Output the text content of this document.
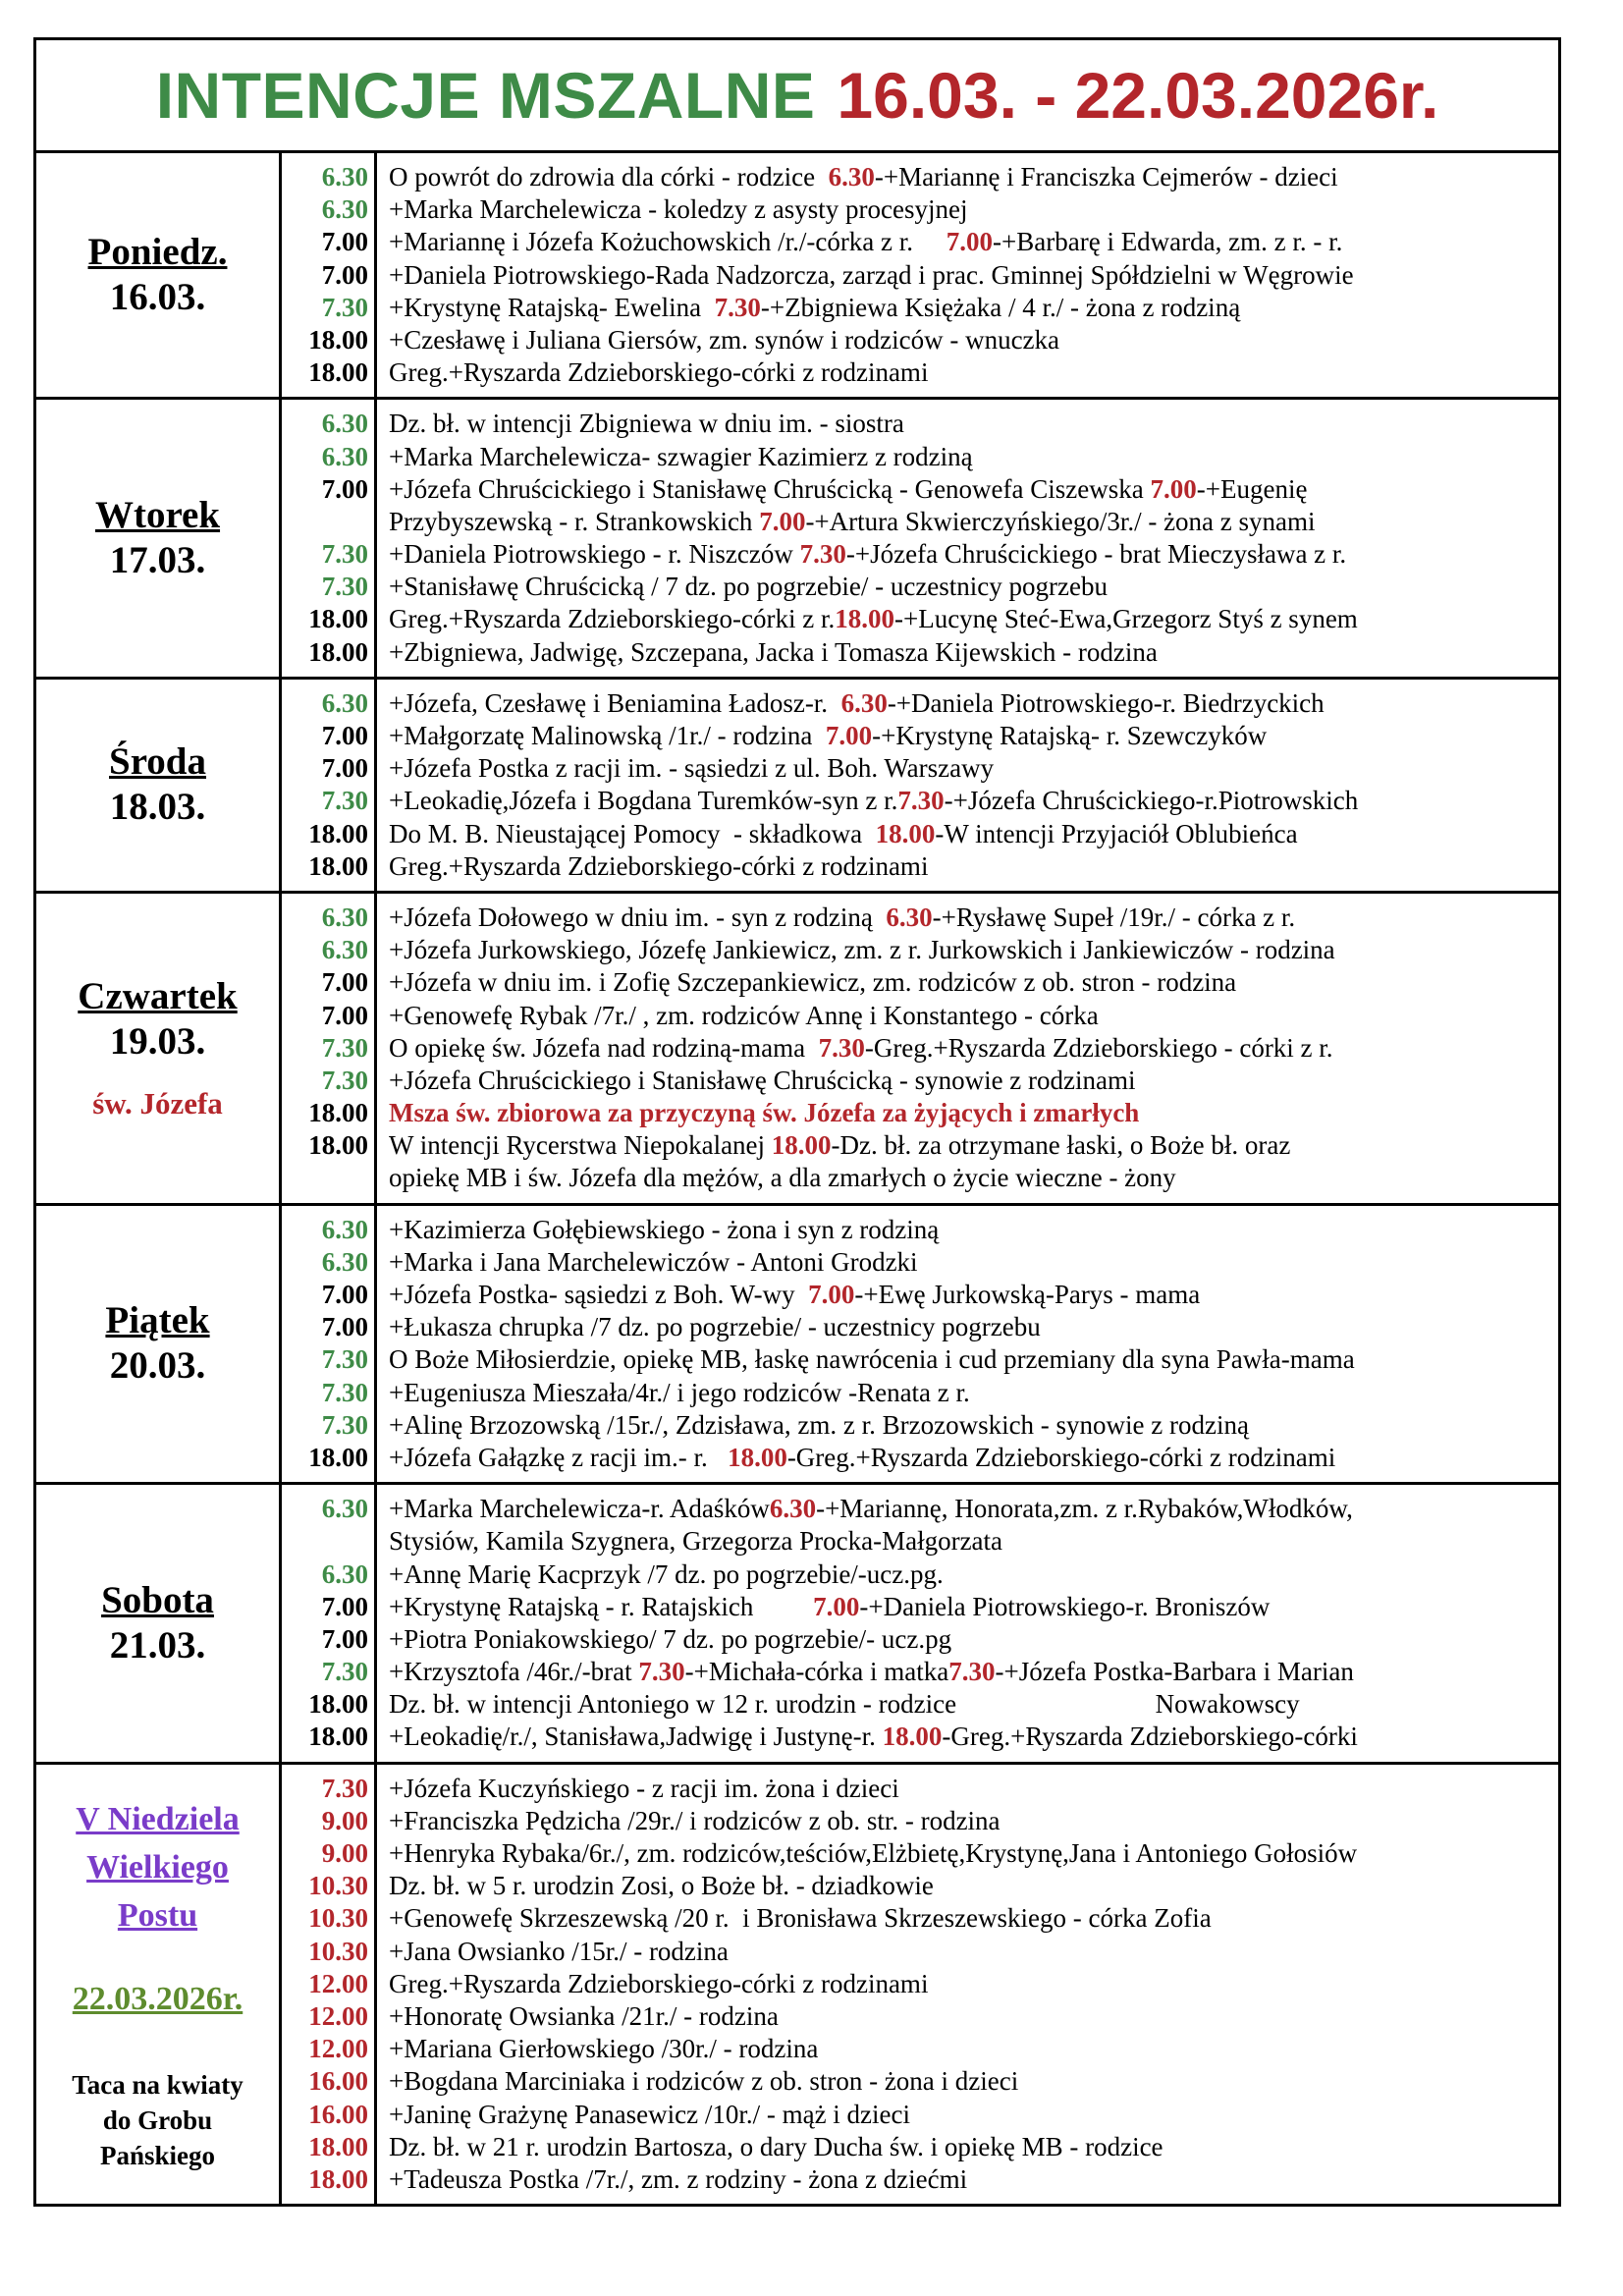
INTENCJE MSZALNE 16.03. - 22.03.2026r.
Poniedz.
16.03.
6.30
6.30
7.00
7.00
7.30
18.00
18.00
O powrót do zdrowia dla córki - rodzice  6.30-+Mariannę i Franciszka Cejmerów - dzieci
+Marka Marchelewicza - koledzy z asysty procesyjnej
+Mariannę i Józefa Kożuchowskich /r./-córka z r.     7.00-+Barbarę i Edwarda, zm. z r. - r.
+Daniela Piotrowskiego-Rada Nadzorcza, zarząd i prac. Gminnej Spółdzielni w Węgrowie
+Krystynę Ratajską- Ewelina  7.30-+Zbigniewa Księżaka / 4 r./ - żona z rodziną
+Czesławę i Juliana Giersów, zm. synów i rodziców - wnuczka
Greg.+Ryszarda Zdzieborskiego-córki z rodzinami
Wtorek
17.03.
6.30
6.30
7.00

7.30
7.30
18.00
18.00
Dz. bł. w intencji Zbigniewa w dniu im. - siostra
+Marka Marchelewicza- szwagier Kazimierz z rodziną
+Józefa Chruścickiego i Stanisławę Chruścicką - Genowefa Ciszewska 7.00-+Eugenię
Przybyszewską - r. Strankowskich 7.00-+Artura Skwierczyńskiego/3r./ - żona z synami
+Daniela Piotrowskiego - r. Niszczów 7.30-+Józefa Chruścickiego - brat Mieczysława z r.
+Stanisławę Chruścicką / 7 dz. po pogrzebie/ - uczestnicy pogrzebu
Greg.+Ryszarda Zdzieborskiego-córki z r.18.00-+Lucynę Steć-Ewa,Grzegorz Styś z synem
+Zbigniewa, Jadwigę, Szczepana, Jacka i Tomasza Kijewskich - rodzina
Środa
18.03.
6.30
7.00
7.00
7.30
18.00
18.00
+Józefa, Czesławę i Beniamina Ładosz-r.  6.30-+Daniela Piotrowskiego-r. Biedrzyckich
+Małgorzatę Malinowską /1r./ - rodzina  7.00-+Krystynę Ratajską- r. Szewczyków
+Józefa Postka z racji im. - sąsiedzi z ul. Boh. Warszawy
+Leokadię,Józefa i Bogdana Turemków-syn z r.7.30-+Józefa Chruścickiego-r.Piotrowskich
Do M. B. Nieustającej Pomocy  - składkowa  18.00-W intencji Przyjaciół Oblubieńca
Greg.+Ryszarda Zdzieborskiego-córki z rodzinami
Czwartek
19.03.
św. Józefa
6.30
6.30
7.00
7.00
7.30
7.30
18.00
18.00

+Józefa Dołowego w dniu im. - syn z rodziną  6.30-+Rysławę Supeł /19r./ - córka z r.
+Józefa Jurkowskiego, Józefę Jankiewicz, zm. z r. Jurkowskich i Jankiewiczów - rodzina
+Józefa w dniu im. i Zofię Szczepankiewicz, zm. rodziców z ob. stron - rodzina
+Genowefę Rybak /7r./ , zm. rodziców Annę i Konstantego - córka
O opiekę św. Józefa nad rodziną-mama  7.30-Greg.+Ryszarda Zdzieborskiego - córki z r.
+Józefa Chruścickiego i Stanisławę Chruścicką - synowie z rodzinami
Msza św. zbiorowa za przyczyną św. Józefa za żyjących i zmarłych
W intencji Rycerstwa Niepokalanej 18.00-Dz. bł. za otrzymane łaski, o Boże bł. oraz
opiekę MB i św. Józefa dla mężów, a dla zmarłych o życie wieczne - żony
Piątek
20.03.
6.30
6.30
7.00
7.00
7.30
7.30
7.30
18.00
+Kazimierza Gołębiewskiego - żona i syn z rodziną
+Marka i Jana Marchelewiczów - Antoni Grodzki
+Józefa Postka- sąsiedzi z Boh. W-wy  7.00-+Ewę Jurkowską-Parys - mama
+Łukasza chrupka /7 dz. po pogrzebie/ - uczestnicy pogrzebu
O Boże Miłosierdzie, opiekę MB, łaskę nawrócenia i cud przemiany dla syna Pawła-mama
+Eugeniusza Mieszała/4r./ i jego rodziców -Renata z r.
+Alinę Brzozowską /15r./, Zdzisława, zm. z r. Brzozowskich - synowie z rodziną
+Józefa Gałązkę z racji im.- r.   18.00-Greg.+Ryszarda Zdzieborskiego-córki z rodzinami
Sobota
21.03.
6.30

6.30
7.00
7.00
7.30
18.00
18.00
+Marka Marchelewicza-r. Adaśków6.30-+Mariannę, Honorata,zm. z r.Rybaków,Włodków,
Stysiów, Kamila Szygnera, Grzegorza Procka-Małgorzata
+Annę Marię Kacprzyk /7 dz. po pogrzebie/-ucz.pg.
+Krystynę Ratajską - r. Ratajskich         7.00-+Daniela Piotrowskiego-r. Broniszów
+Piotra Poniakowskiego/ 7 dz. po pogrzebie/- ucz.pg
+Krzysztofa /46r./-brat 7.30-+Michała-córka i matka7.30-+Józefa Postka-Barbara i Marian
Dz. bł. w intencji Antoniego w 12 r. urodzin - rodzice                              Nowakowscy
+Leokadię/r./, Stanisława,Jadwigę i Justynę-r. 18.00-Greg.+Ryszarda Zdzieborskiego-córki
V Niedziela
Wielkiego
Postu
22.03.2026r.
Taca na kwiaty
do Grobu
Pańskiego
7.30
9.00
9.00
10.30
10.30
10.30
12.00
12.00
12.00
16.00
16.00
18.00
18.00
+Józefa Kuczyńskiego - z racji im. żona i dzieci
+Franciszka Pędzicha /29r./ i rodziców z ob. str. - rodzina
+Henryka Rybaka/6r./, zm. rodziców,teściów,Elżbietę,Krystynę,Jana i Antoniego Gołosiów
Dz. bł. w 5 r. urodzin Zosi, o Boże bł. - dziadkowie
+Genowefę Skrzeszewską /20 r.  i Bronisława Skrzeszewskiego - córka Zofia
+Jana Owsianko /15r./ - rodzina
Greg.+Ryszarda Zdzieborskiego-córki z rodzinami
+Honoratę Owsianka /21r./ - rodzina
+Mariana Gierłowskiego /30r./ - rodzina
+Bogdana Marciniaka i rodziców z ob. stron - żona i dzieci
+Janinę Grażynę Panasewicz /10r./ - mąż i dzieci
Dz. bł. w 21 r. urodzin Bartosza, o dary Ducha św. i opiekę MB - rodzice
+Tadeusza Postka /7r./, zm. z rodziny - żona z dziećmi
